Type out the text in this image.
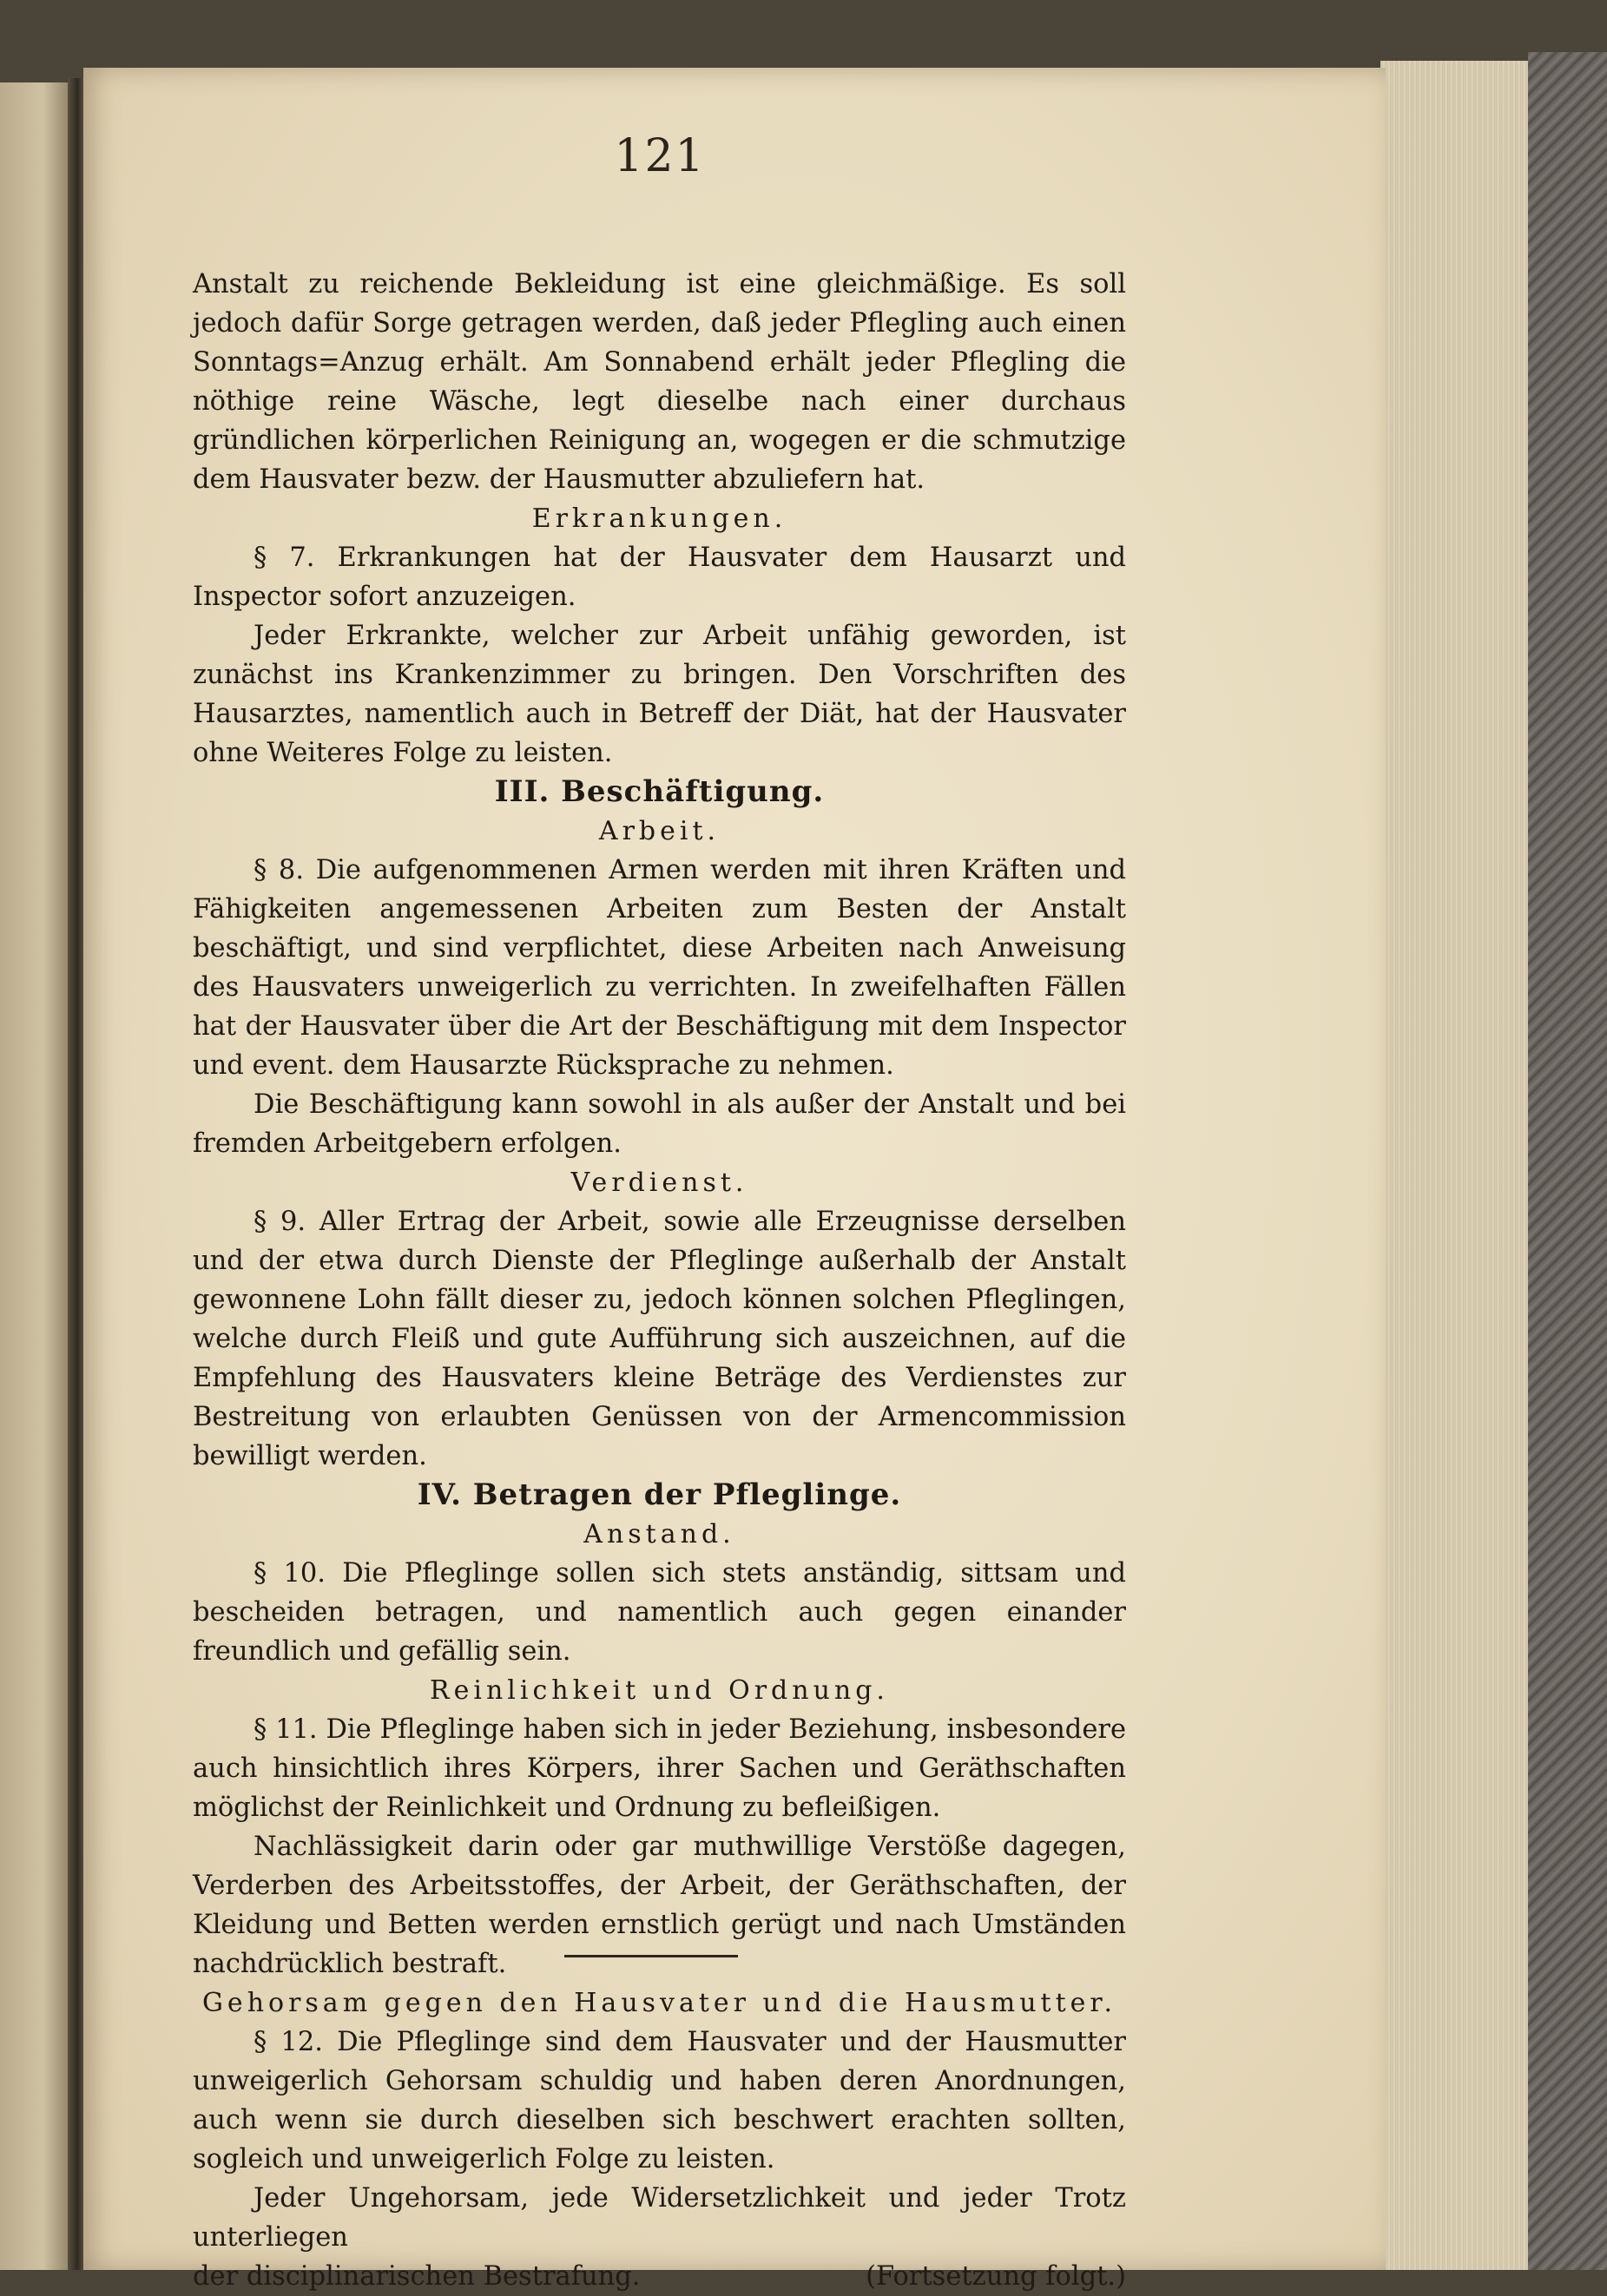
121

Anstalt zu reichende Bekleidung ist eine gleichmäßige. Es soll jedoch dafür Sorge getragen werden, daß jeder Pflegling auch einen Sonntags=Anzug erhält. Am Sonnabend erhält jeder Pflegling die nöthige reine Wäsche, legt dieselbe nach einer durchaus gründlichen körperlichen Reinigung an, wogegen er die schmutzige dem Hausvater bezw. der Hausmutter abzuliefern hat.

Erkrankungen.

§ 7. Erkrankungen hat der Hausvater dem Hausarzt und Inspector sofort anzuzeigen.

Jeder Erkrankte, welcher zur Arbeit unfähig geworden, ist zunächst ins Krankenzimmer zu bringen. Den Vorschriften des Hausarztes, namentlich auch in Betreff der Diät, hat der Hausvater ohne Weiteres Folge zu leisten.

III. Beschäftigung.
Arbeit.

§ 8. Die aufgenommenen Armen werden mit ihren Kräften und Fähigkeiten angemessenen Arbeiten zum Besten der Anstalt beschäftigt, und sind verpflichtet, diese Arbeiten nach Anweisung des Hausvaters unweigerlich zu verrichten. In zweifelhaften Fällen hat der Hausvater über die Art der Beschäftigung mit dem Inspector und event. dem Hausarzte Rücksprache zu nehmen.

Die Beschäftigung kann sowohl in als außer der Anstalt und bei fremden Arbeitgebern erfolgen.

Verdienst.

§ 9. Aller Ertrag der Arbeit, sowie alle Erzeugnisse derselben und der etwa durch Dienste der Pfleglinge außerhalb der Anstalt gewonnene Lohn fällt dieser zu, jedoch können solchen Pfleglingen, welche durch Fleiß und gute Aufführung sich auszeichnen, auf die Empfehlung des Hausvaters kleine Beträge des Verdienstes zur Bestreitung von erlaubten Genüssen von der Armencommission bewilligt werden.

IV. Betragen der Pfleglinge.
Anstand.

§ 10. Die Pfleglinge sollen sich stets anständig, sittsam und bescheiden betragen, und namentlich auch gegen einander freundlich und gefällig sein.

Reinlichkeit und Ordnung.

§ 11. Die Pfleglinge haben sich in jeder Beziehung, insbesondere auch hinsichtlich ihres Körpers, ihrer Sachen und Geräthschaften möglichst der Reinlichkeit und Ordnung zu befleißigen.

Nachlässigkeit darin oder gar muthwillige Verstöße dagegen, Verderben des Arbeitsstoffes, der Arbeit, der Geräthschaften, der Kleidung und Betten werden ernstlich gerügt und nach Umständen nachdrücklich bestraft.

Gehorsam gegen den Hausvater und die Hausmutter.

§ 12. Die Pfleglinge sind dem Hausvater und der Hausmutter unweigerlich Gehorsam schuldig und haben deren Anordnungen, auch wenn sie durch dieselben sich beschwert erachten sollten, sogleich und unweigerlich Folge zu leisten.

Jeder Ungehorsam, jede Widersetzlichkeit und jeder Trotz unterliegen

der disciplinarischen Bestrafung.	(Fortsetzung folgt.)
